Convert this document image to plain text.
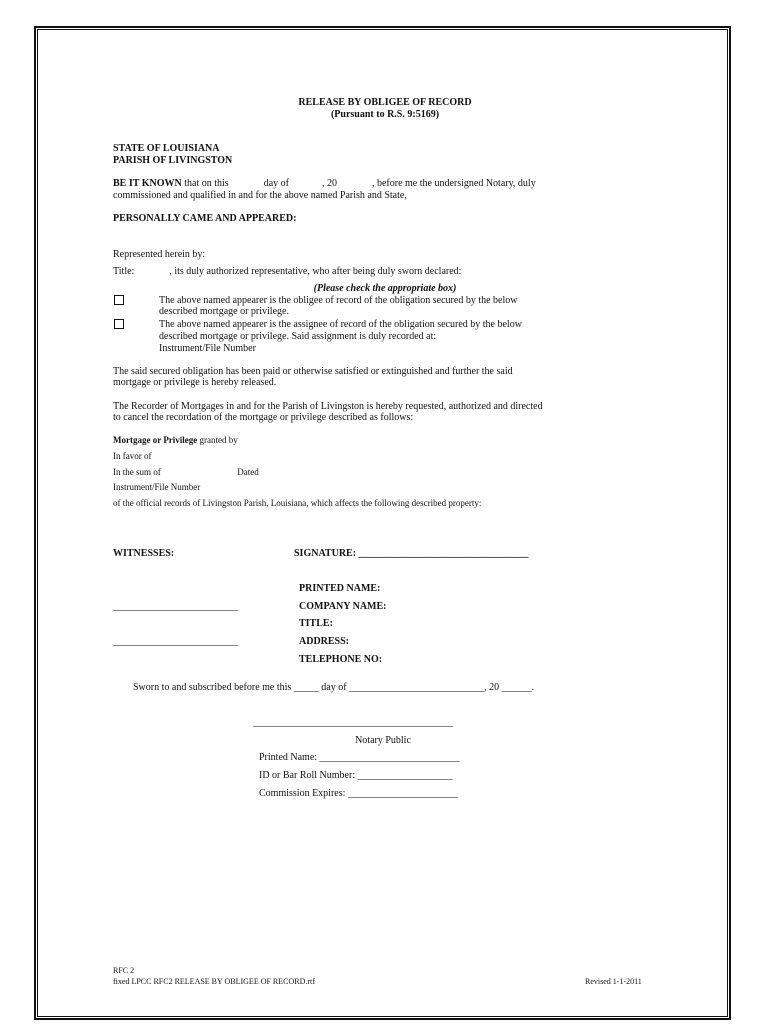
RELEASE BY OBLIGEE OF RECORD
(Pursuant to R.S. 9:5169)
STATE OF LOUISIANA
PARISH OF LIVINGSTON
BE IT KNOWN that on this	day of	, 20	, before me the undersigned Notary, duly
commissioned and qualified in and for the above named Parish and State,
PERSONALLY CAME AND APPEARED:
Represented herein by:
Title:	, its duly authorized representative, who after being duly sworn declared:
(Please check the appropriate box)
The above named appearer is the obligee of record of the obligation secured by the below
described mortgage or privilege.
The above named appearer is the assignee of record of the obligation secured by the below
described mortgage or privilege. Said assignment is duly recorded at:
Instrument/File Number
The said secured obligation has been paid or otherwise satisfied or extinguished and further the said
mortgage or privilege is hereby released.
The Recorder of Mortgages in and for the Parish of Livingston is hereby requested, authorized and directed
to cancel the recordation of the mortgage or privilege described as follows:
Mortgage or Privilege granted by
In favor of
In the sum of	Dated
Instrument/File Number
of the official records of Livingston Parish, Louisiana, which affects the following described property:
WITNESSES:	SIGNATURE: __________________________________
PRINTED NAME:
_________________________	COMPANY NAME:
TITLE:
_________________________	ADDRESS:
TELEPHONE NO:
Sworn to and subscribed before me this _____ day of ___________________________, 20 ______.
________________________________________
Notary Public
Printed Name: ____________________________
ID or Bar Roll Number: ___________________
Commission Expires: ______________________
RFC 2
fixed LPCC RFC2 RELEASE BY OBLIGEE OF RECORD.rtf	Revised 1-1-2011
